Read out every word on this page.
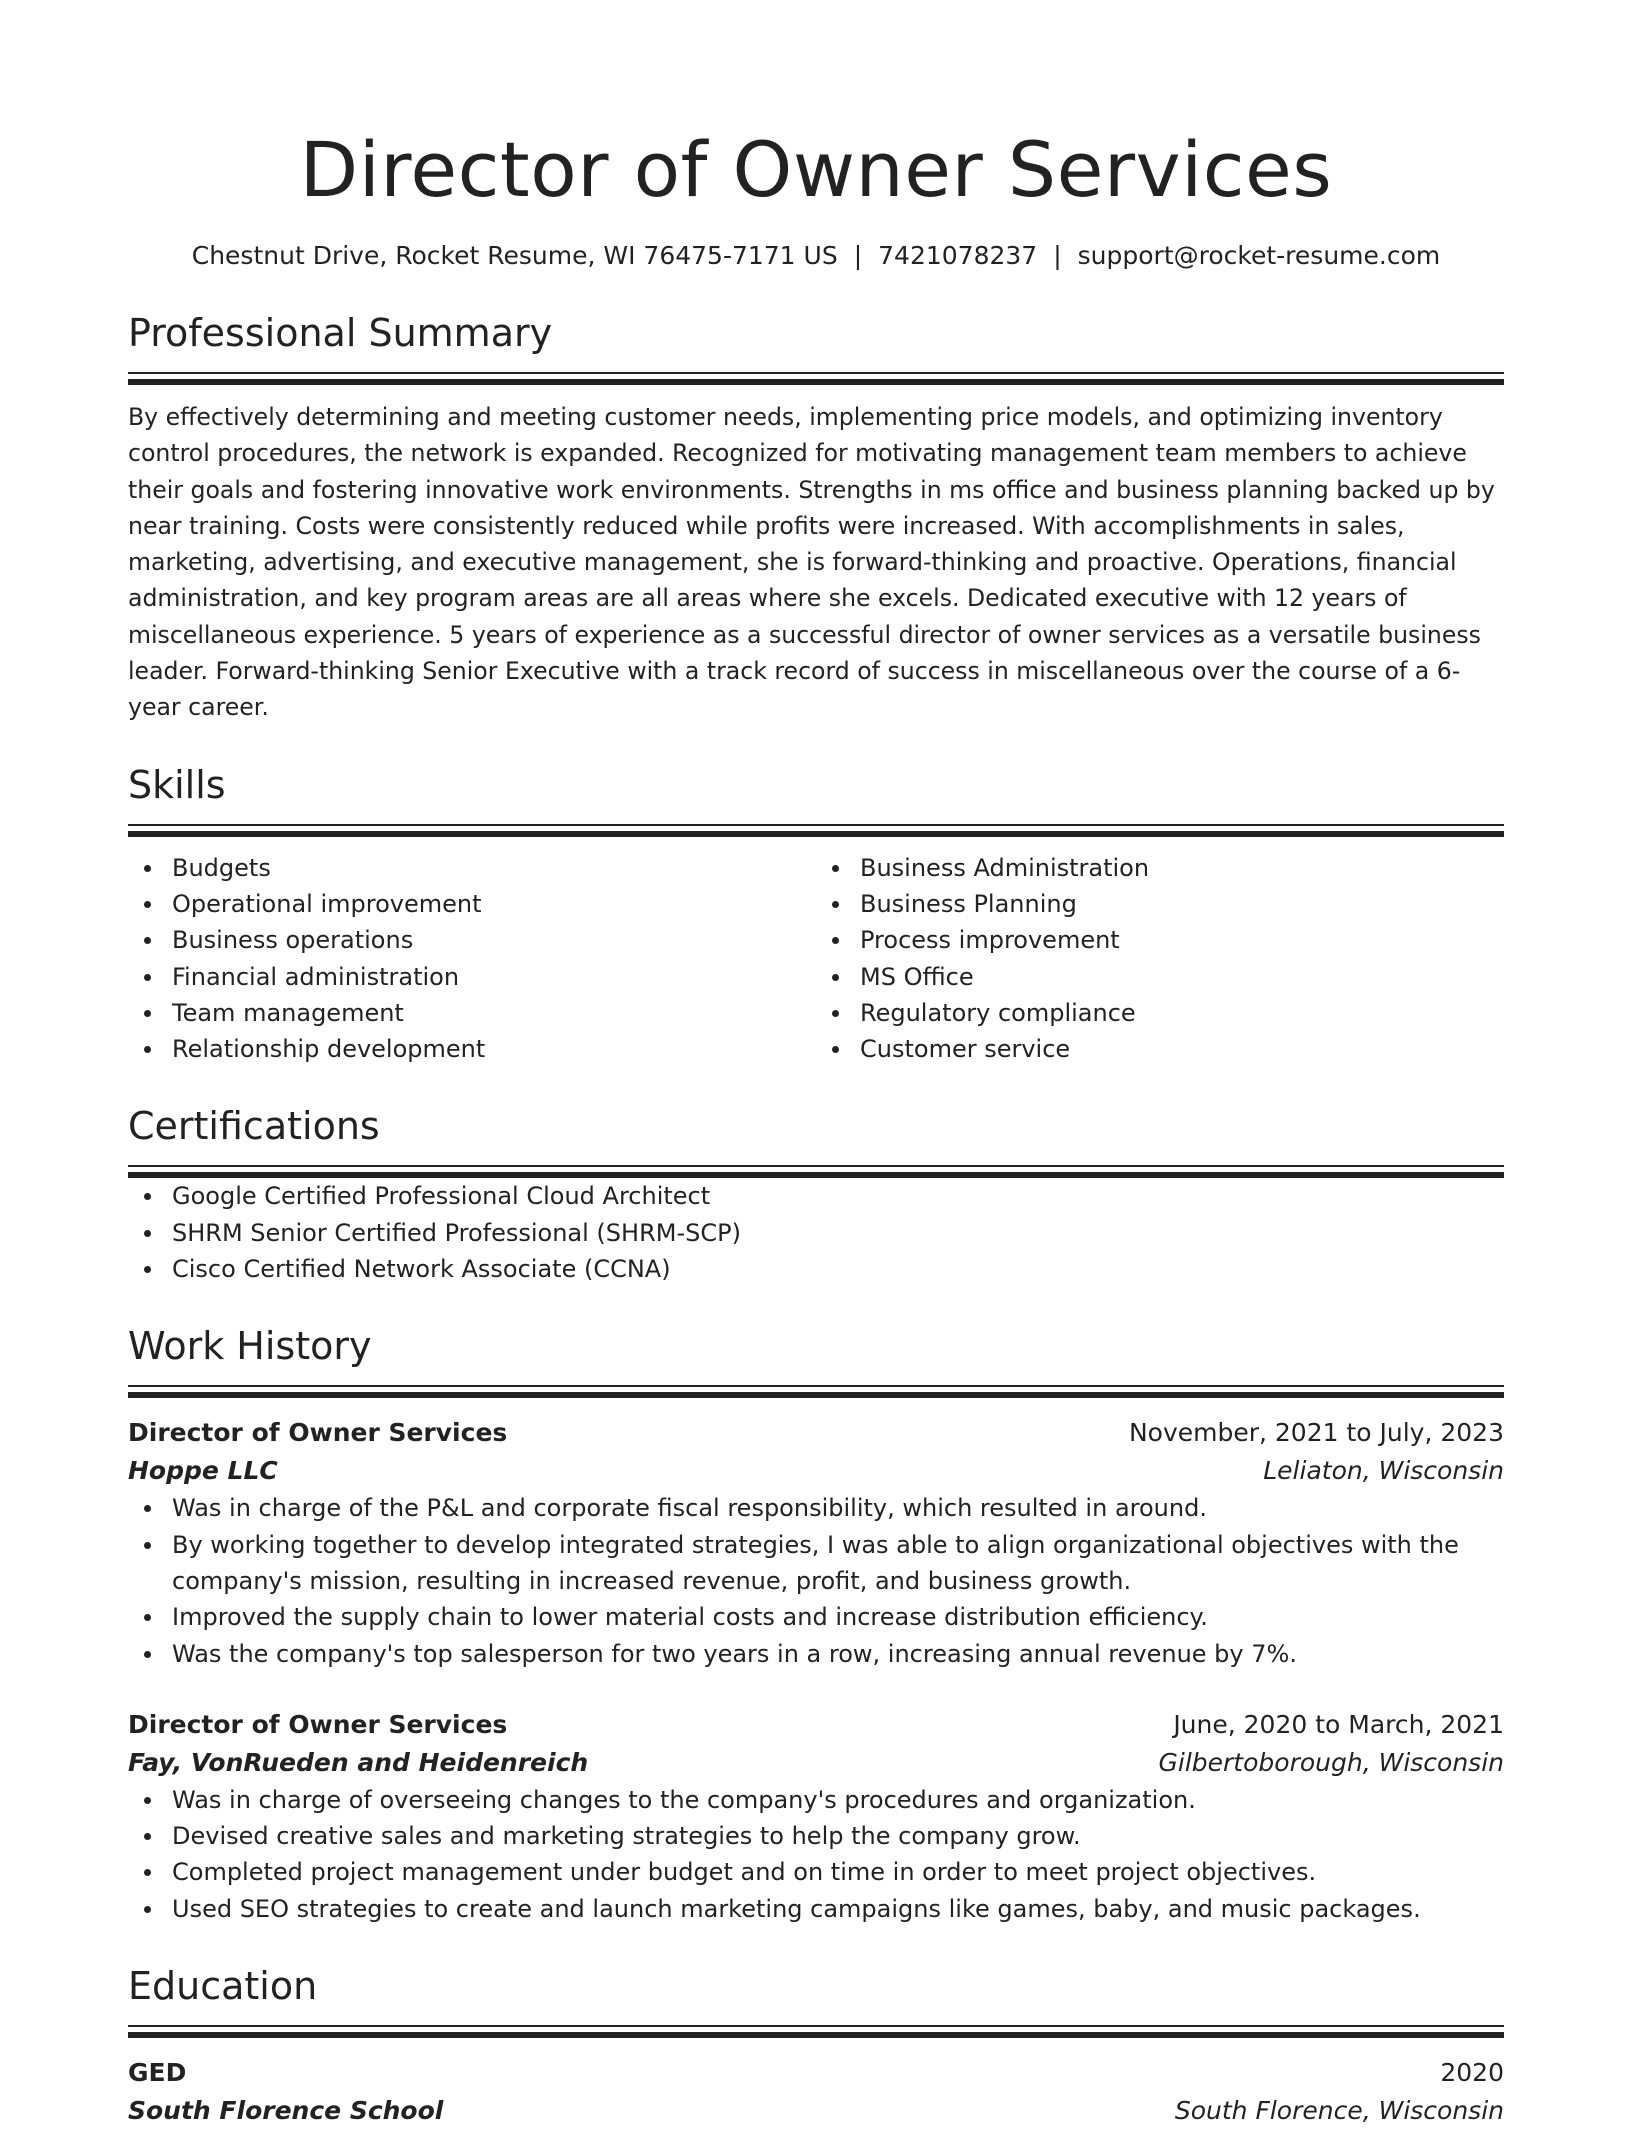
Director of Owner Services
Chestnut Drive, Rocket Resume, WI 76475-7171 US | 7421078237 | support@rocket-resume.com
Professional Summary

By effectively determining and meeting customer needs, implementing price models, and optimizing inventory control procedures, the network is expanded. Recognized for motivating management team members to achieve their goals and fostering innovative work environments. Strengths in ms office and business planning backed up by near training. Costs were consistently reduced while profits were increased. With accomplishments in sales, marketing, advertising, and executive management, she is forward-thinking and proactive. Operations, financial administration, and key program areas are all areas where she excels. Dedicated executive with 12 years of miscellaneous experience. 5 years of experience as a successful director of owner services as a versatile business leader. Forward-thinking Senior Executive with a track record of success in miscellaneous over the course of a 6-year career.

Skills
Budgets
Operational improvement
Business operations
Financial administration
Team management
Relationship development
Business Administration
Business Planning
Process improvement
MS Office
Regulatory compliance
Customer service
Certifications
Google Certified Professional Cloud Architect
SHRM Senior Certified Professional (SHRM-SCP)
Cisco Certified Network Associate (CCNA)
Work History
Director of Owner Services	November, 2021 to July, 2023
Hoppe LLC	Leliaton, Wisconsin
Was in charge of the P&L and corporate fiscal responsibility, which resulted in around.
By working together to develop integrated strategies, I was able to align organizational objectives with the company's mission, resulting in increased revenue, profit, and business growth.
Improved the supply chain to lower material costs and increase distribution efficiency.
Was the company's top salesperson for two years in a row, increasing annual revenue by 7%.
Director of Owner Services	June, 2020 to March, 2021
Fay, VonRueden and Heidenreich	Gilbertoborough, Wisconsin
Was in charge of overseeing changes to the company's procedures and organization.
Devised creative sales and marketing strategies to help the company grow.
Completed project management under budget and on time in order to meet project objectives.
Used SEO strategies to create and launch marketing campaigns like games, baby, and music packages.
Education
GED	2020
South Florence School	South Florence, Wisconsin
